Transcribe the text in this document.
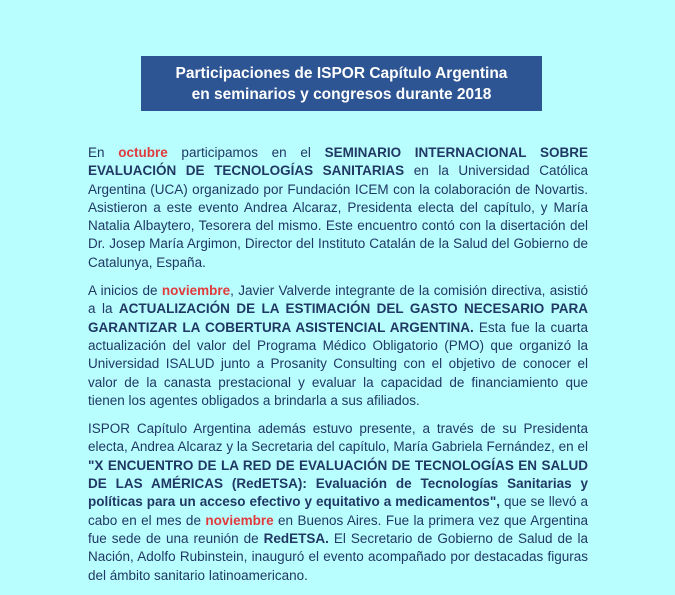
Participaciones de ISPOR Capítulo Argentina
en seminarios y congresos durante 2018

En octubre participamos en el SEMINARIO INTERNACIONAL SOBRE EVALUACIÓN DE TECNOLOGÍAS SANITARIAS en la Universidad Católica Argentina (UCA) organizado por Fundación ICEM con la colaboración de Novartis. Asistieron a este evento Andrea Alcaraz, Presidenta electa del capítulo, y María Natalia Albaytero, Tesorera del mismo. Este encuentro contó con la disertación del Dr. Josep María Argimon, Director del Instituto Catalán de la Salud del Gobierno de Catalunya, España.

A inicios de noviembre, Javier Valverde integrante de la comisión directiva, asistió a la ACTUALIZACIÓN DE LA ESTIMACIÓN DEL GASTO NECESARIO PARA GARANTIZAR LA COBERTURA ASISTENCIAL ARGENTINA. Esta fue la cuarta actualización del valor del Programa Médico Obligatorio (PMO) que organizó la Universidad ISALUD junto a Prosanity Consulting con el objetivo de conocer el valor de la canasta prestacional y evaluar la capacidad de financiamiento que tienen los agentes obligados a brindarla a sus afiliados.

ISPOR Capítulo Argentina además estuvo presente, a través de su Presidenta electa, Andrea Alcaraz y la Secretaria del capítulo, María Gabriela Fernández, en el "X ENCUENTRO DE LA RED DE EVALUACIÓN DE TECNOLOGÍAS EN SALUD DE LAS AMÉRICAS (RedETSA): Evaluación de Tecnologías Sanitarias y políticas para un acceso efectivo y equitativo a medicamentos", que se llevó a cabo en el mes de noviembre en Buenos Aires. Fue la primera vez que Argentina fue sede de una reunión de RedETSA. El Secretario de Gobierno de Salud de la Nación, Adolfo Rubinstein, inauguró el evento acompañado por destacadas figuras del ámbito sanitario latinoamericano.
